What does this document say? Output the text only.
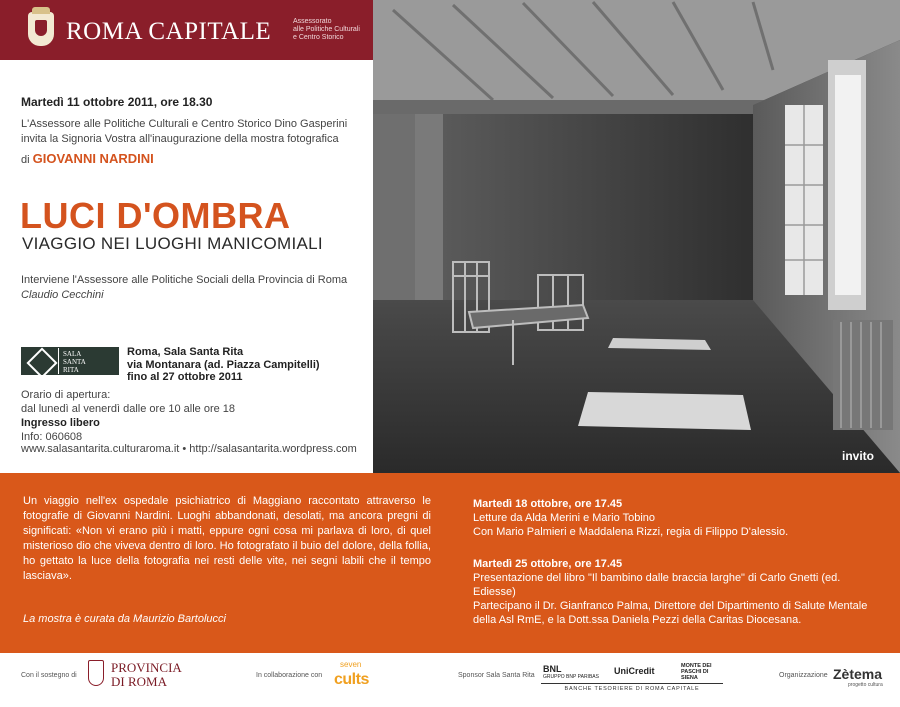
ROMA CAPITALE	Assessorato
alle Politiche Culturali
e Centro Storico
Martedì 11 ottobre 2011, ore 18.30
L'Assessore alle Politiche Culturali e Centro Storico Dino Gasperini
invita la Signoria Vostra all'inaugurazione della mostra fotografica
di GIOVANNI NARDINI
LUCI D'OMBRA
VIAGGIO NEI LUOGHI MANICOMIALI
Interviene l'Assessore alle Politiche Sociali della Provincia di Roma
Claudio Cecchini
SALA
SANTA
RITA
Roma, Sala Santa Rita
via Montanara (ad. Piazza Campitelli)
fino al 27 ottobre 2011
Orario di apertura:
dal lunedì al venerdì dalle ore 10 alle ore 18
Ingresso libero
Info: 060608
www.salasantarita.culturaroma.it • http://salasantarita.wordpress.com	invito
Un viaggio nell'ex ospedale psichiatrico di Maggiano raccontato attraverso le fotografie di Giovanni Nardini. Luoghi abbandonati, desolati, ma ancora pregni di significati: «Non vi erano più i matti, eppure ogni cosa mi parlava di loro, di quel misterioso dio che viveva dentro di loro. Ho fotografato il buio del dolore, della follia, ho gettato la luce della fotografia nei resti delle vite, nei segni labili che il tempo lasciava».
La mostra è curata da Maurizio Bartolucci
Martedì 18 ottobre, ore 17.45
Letture da Alda Merini e Mario Tobino
Con Mario Palmieri e Maddalena Rizzi, regia di Filippo D'alessio.
Martedì 25 ottobre, ore 17.45
Presentazione del libro "Il bambino dalle braccia larghe" di Carlo Gnetti (ed. Ediesse)
Partecipano il Dr. Gianfranco Palma, Direttore del Dipartimento di Salute Mentale della Asl RmE, e la Dott.ssa Daniela Pezzi della Caritas Diocesana.
Con il sostegno di
PROVINCIA
DI ROMA	In collaborazione con
seven
cults	Sponsor Sala Santa Rita
BNL
GRUPPO BNP PARIBAS
UniCredit	MONTE DEI PASCHI DI SIENA
BANCHE TESORIERE DI ROMA CAPITALE
Organizzazione Zètema
progetto cultura
